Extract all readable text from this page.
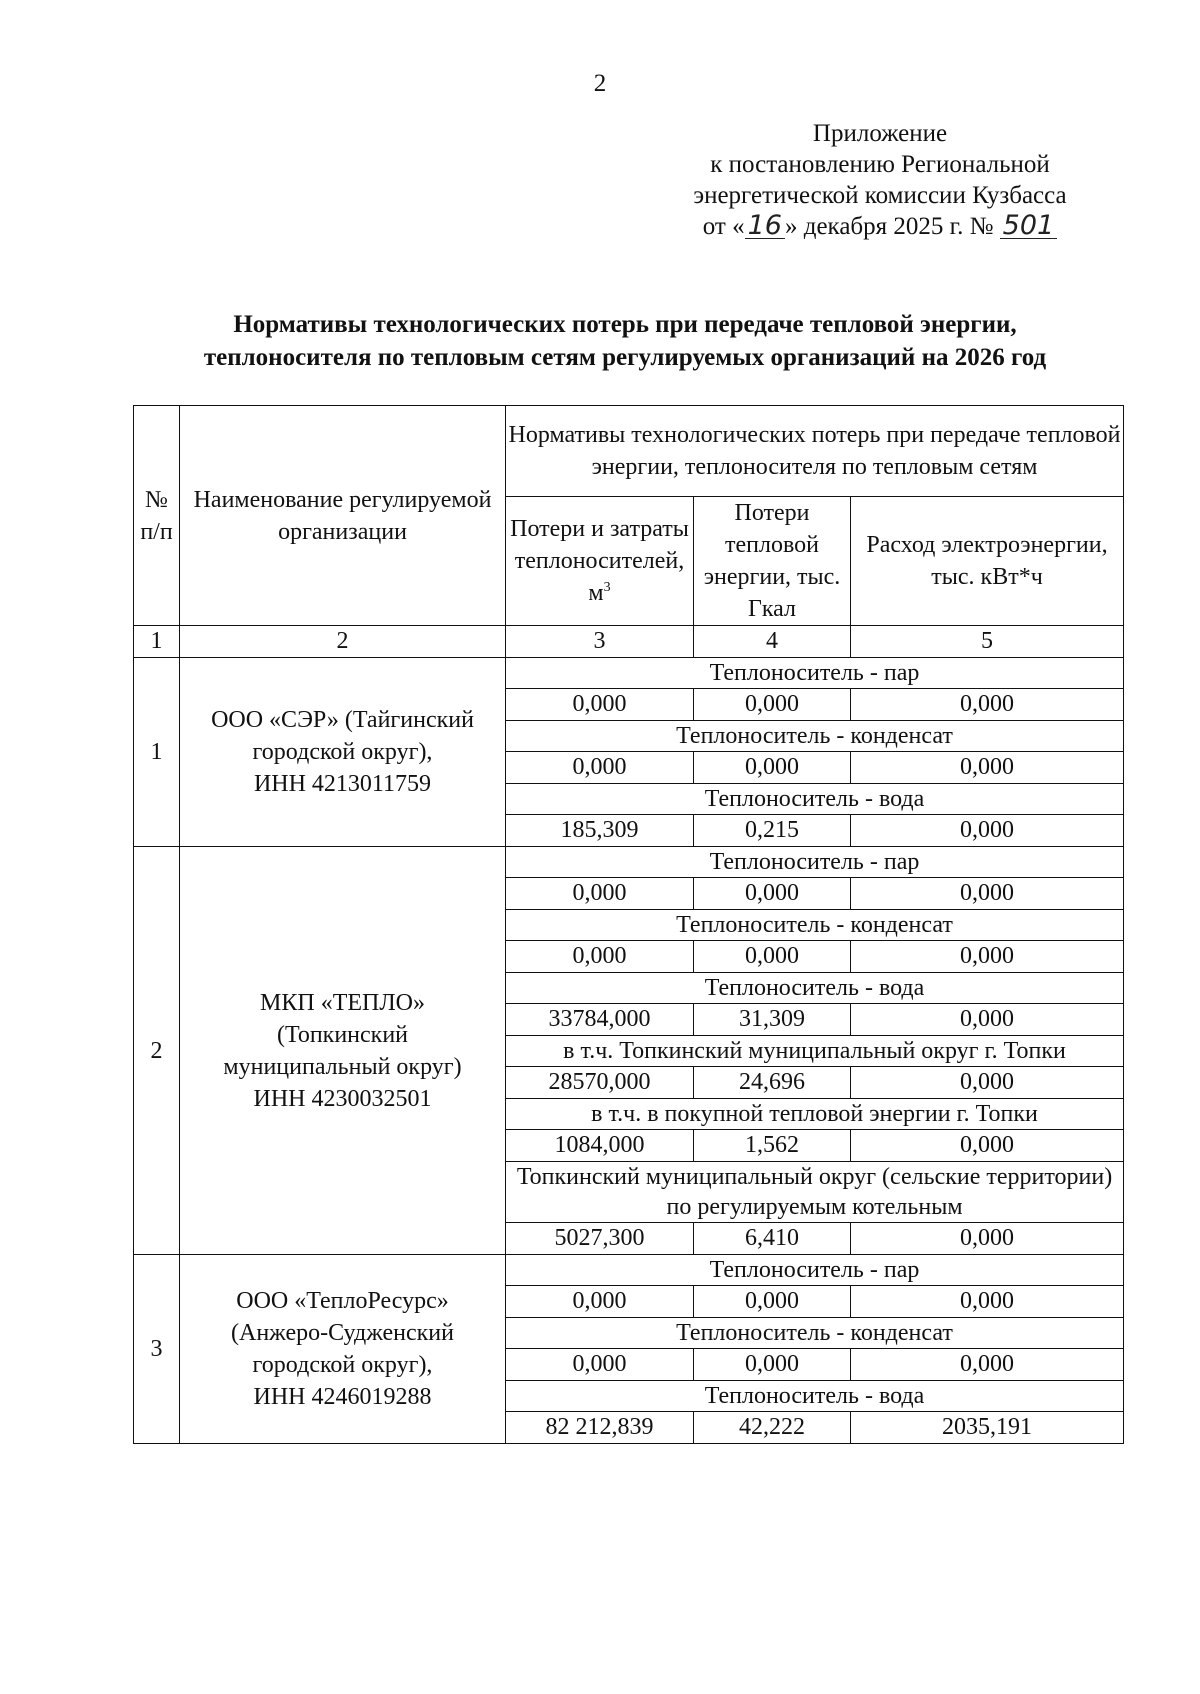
2
Приложение
к постановлению Региональной
энергетической комиссии Кузбасса
от « 16 » декабря 2025 г. № 501
Нормативы технологических потерь при передаче тепловой энергии,
теплоносителя по тепловым сетям регулируемых организаций на 2026 год
№ п/п	Наименование регулируемой организации	Нормативы технологических потерь при передаче тепловой энергии, теплоносителя по тепловым сетям		
		Потери и затраты теплоносителей, $м^3$	Потери тепловой энергии, тыс. Гкал	Расход электроэнергии, тыс. кВт*ч
1	2	3	4	5
1	ООО «СЭР» (Тайгинский
городской округ),
ИНН 4213011759	Теплоноситель - пар		
		0,000	0,000	0,000
		Теплоноситель - конденсат		
		0,000	0,000	0,000
		Теплоноситель - вода		
		185,309	0,215	0,000
2	МКП «ТЕПЛО»
(Топкинский
муниципальный округ)
ИНН 4230032501	Теплоноситель - пар		
		0,000	0,000	0,000
		Теплоноситель - конденсат		
		0,000	0,000	0,000
		Теплоноситель - вода		
		33784,000	31,309	0,000
		в т.ч. Топкинский муниципальный округ г. Топки		
		28570,000	24,696	0,000
		в т.ч. в покупной тепловой энергии г. Топки		
		1084,000	1,562	0,000
		Топкинский муниципальный округ (сельские территории) по регулируемым котельным		
		5027,300	6,410	0,000
3	ООО «ТеплоРесурс»
(Анжеро-Судженский
городской округ),
ИНН 4246019288	Теплоноситель - пар		
		0,000	0,000	0,000
		Теплоноситель - конденсат		
		0,000	0,000	0,000
		Теплоноситель - вода		
		82 212,839	42,222	2035,191
